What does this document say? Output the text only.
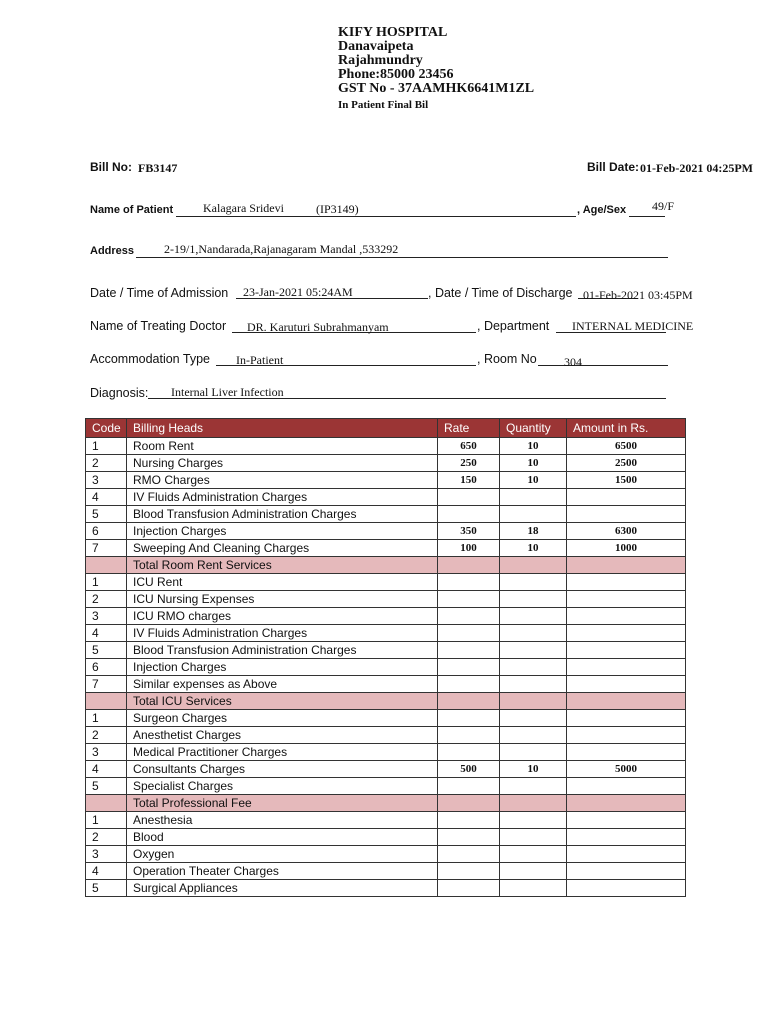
KIFY HOSPITAL
Danavaipeta
Rajahmundry
Phone:85000 23456
GST No - 37AAMHK6641M1ZL
In Patient Final Bil
Bill No: FB3147	Bill Date: 01-Feb-2021 04:25PM
Name of Patient Kalagara Sridevi	(IP3149)	, Age/Sex 49/F
Address 2-19/1,Nandarada,Rajanagaram Mandal ,533292
Date / Time of Admission 23-Jan-2021 05:24AM	, Date / Time of Discharge 01-Feb-2021 03:45PM
Name of Treating Doctor DR. Karuturi Subrahmanyam	, Department INTERNAL MEDICINE
Accommodation Type In-Patient	, Room No 304
Diagnosis: Internal Liver Infection
Code	Billing Heads	Rate	Quantity	Amount in Rs.
1	Room Rent	650	10	6500
2	Nursing Charges	250	10	2500
3	RMO Charges	150	10	1500
4	IV Fluids Administration Charges			
5	Blood Transfusion Administration Charges			
6	Injection Charges	350	18	6300
7	Sweeping And Cleaning Charges	100	10	1000
	Total Room Rent Services			
1	ICU Rent			
2	ICU Nursing Expenses			
3	ICU RMO charges			
4	IV Fluids Administration Charges			
5	Blood Transfusion Administration Charges			
6	Injection Charges			
7	Similar expenses as Above			
	Total ICU Services			
1	Surgeon Charges			
2	Anesthetist Charges			
3	Medical Practitioner Charges			
4	Consultants Charges	500	10	5000
5	Specialist Charges			
	Total Professional Fee			
1	Anesthesia			
2	Blood			
3	Oxygen			
4	Operation Theater Charges			
5	Surgical Appliances			
